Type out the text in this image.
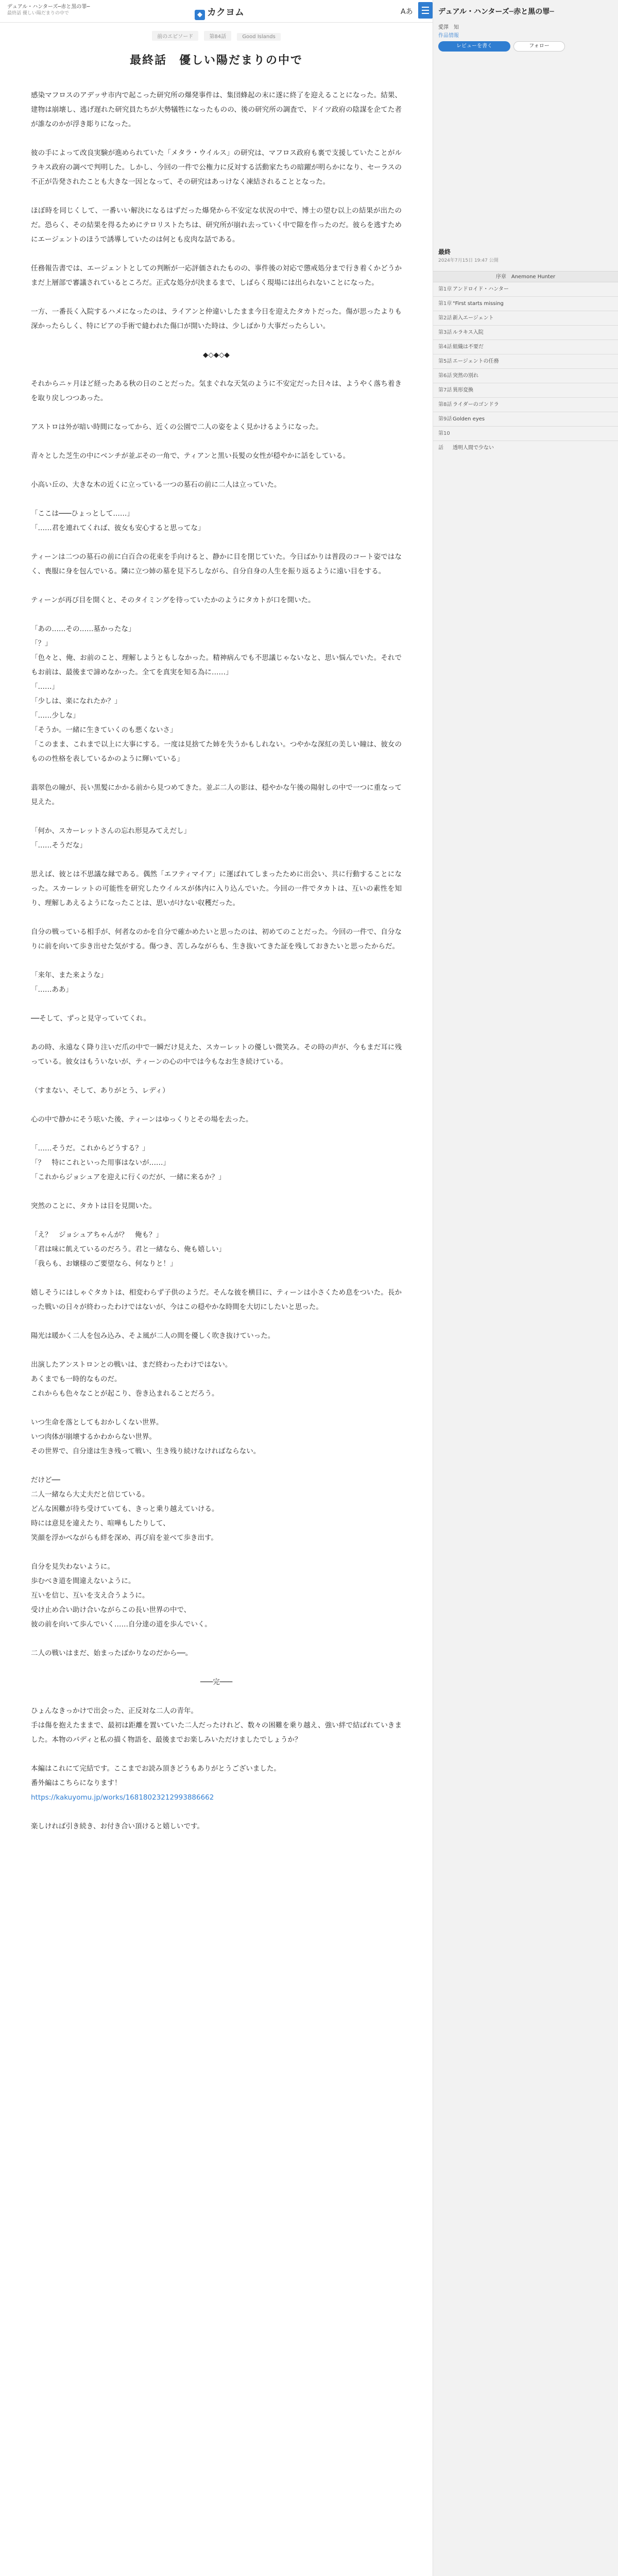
デュアル・ハンターズ─赤と黒の罪─
最終話 優しい陽だまりの中で	◆ カクヨム	Aあ
前のエピソード	第84話	Good Islands
最終話　優しい陽だまりの中で

感染マフロスのアデッサ市内で起こった研究所の爆発事件は、集団蜂起の末に遂に終了を迎えることになった。結果、建物は崩壊し、逃げ遅れた研究員たちが大勢犠牲になったものの、後の研究所の調査で、ドイツ政府の陰謀を企てた者が誰なのかが浮き彫りになった。

彼の手によって改良実験が進められていた「メタラ・ウイルス」の研究は、マフロス政府も裏で支援していたことがルラキス政府の調べで判明した。しかし、今回の一件で公権力に反対する活動家たちの暗躍が明らかになり、セーラスの不正が告発されたことも大きな一因となって、その研究はあっけなく凍結されることとなった。

ほぼ時を同じくして、一番いい解決になるはずだった爆発から不安定な状況の中で、博士の望む以上の結果が出たのだ。恐らく、その結果を得るためにテロリストたちは、研究所が崩れ去っていく中で隙を作ったのだ。彼らを逃すためにエージェントのほうで誘導していたのは何とも皮肉な話である。

任務報告書では、エージェントとしての判断が一応評価されたものの、事件後の対応で懲戒処分まで行き着くかどうかまだ上層部で審議されているところだ。正式な処分が決まるまで、しばらく現場には出られないことになった。

一方、一番長く入院するハメになったのは、ライアンと仲違いしたまま今日を迎えたタカトだった。傷が思ったよりも深かったらしく、特にピアの手術で縫われた傷口が開いた時は、少しばかり大事だったらしい。

◆◇◆◇◆

それからニヶ月ほど経ったある秋の日のことだった。気まぐれな天気のように不安定だった日々は、ようやく落ち着きを取り戻しつつあった。

アストロは外が暗い時間になってから、近くの公園で二人の姿をよく見かけるようになった。

青々とした芝生の中にベンチが並ぶその一角で、ティアンと黒い長髪の女性が穏やかに話をしている。

小高い丘の、大きな木の近くに立っている一つの墓石の前に二人は立っていた。

「ここは───ひょっとして……」
「……君を連れてくれば、彼女も安心すると思ってな」

ティーンは二つの墓石の前に白百合の花束を手向けると、静かに目を閉じていた。今日ばかりは普段のコート姿ではなく、喪服に身を包んでいる。隣に立つ姉の墓を見下ろしながら、自分自身の人生を振り返るように遠い目をする。

ティーンが再び目を開くと、そのタイミングを待っていたかのようにタカトが口を開いた。

「あの……その……墓かったな」
「？」
「色々と、俺、お前のこと、理解しようともしなかった。精神病んでも不思議じゃないなと、思い悩んでいた。それでもお前は、最後まで諦めなかった。全てを真実を知る為に……」
「……」
「少しは、楽になれたか？」
「……少しな」
「そうか。一緒に生きていくのも悪くないさ」
「このまま、これまで以上に大事にする。一度は見捨てた姉を失うかもしれない。つやかな深紅の美しい瞳は、彼女のものの性格を表しているかのように輝いている」

翡翠色の瞳が、長い黒髪にかかる前から見つめてきた。並ぶ二人の影は、穏やかな午後の陽射しの中で一つに重なって見えた。

「何か、スカーレットさんの忘れ形見みてえだし」
「……そうだな」

思えば、彼とは不思議な縁である。偶然「エフティマイア」に運ばれてしまったために出会い、共に行動することになった。スカーレットの可能性を研究したウイルスが体内に入り込んでいた。今回の一件でタカトは、互いの素性を知り、理解しあえるようになったことは、思いがけない収穫だった。

自分の戦っている相手が、何者なのかを自分で確かめたいと思ったのは、初めてのことだった。今回の一件で、自分なりに前を向いて歩き出せた気がする。傷つき、苦しみながらも、生き抜いてきた証を残しておきたいと思ったからだ。

「来年、また来ような」
「……ああ」

──そして、ずっと見守っていてくれ。

あの時、永遠なく降り注いだ爪の中で一瞬だけ見えた、スカーレットの優しい微笑み。その時の声が、今もまだ耳に残っている。彼女はもういないが、ティーンの心の中では今もなお生き続けている。

（すまない、そして、ありがとう、レディ）

心の中で静かにそう呟いた後、ティーンはゆっくりとその場を去った。

「……そうだ。これからどうする？」
「？　特にこれといった用事はないが……」
「これからジョシュアを迎えに行くのだが、一緒に来るか？」

突然のことに、タカトは目を見開いた。

「え？　ジョシュアちゃんが？　俺も？」
「君は味に飢えているのだろう。君と一緒なら、俺も嬉しい」
「我らも、お嬢様のご要望なら、何なりと！」

嬉しそうにはしゃぐタカトは、相変わらず子供のようだ。そんな彼を横目に、ティーンは小さくため息をついた。長かった戦いの日々が終わったわけではないが、今はこの穏やかな時間を大切にしたいと思った。

陽光は暖かく二人を包み込み、そよ風が二人の間を優しく吹き抜けていった。

出演したアンストロンとの戦いは、まだ終わったわけではない。
あくまでも一時的なものだ。
これからも色々なことが起こり、巻き込まれることだろう。

いつ生命を落としてもおかしくない世界。
いつ肉体が崩壊するかわからない世界。
その世界で、自分達は生き残って戦い、生き残り続けなければならない。

だけど──
二人一緒なら大丈夫だと信じている。
どんな困難が待ち受けていても、きっと乗り越えていける。
時には意見を違えたり、喧嘩もしたりして、
笑顔を浮かべながらも絆を深め、再び肩を並べて歩き出す。

自分を見失わないように。
歩むべき道を間違えないように。
互いを信じ、互いを支え合うように。
受け止め合い助け合いながらこの長い世界の中で、
彼の前を向いて歩んでいく……自分達の道を歩んでいく。

二人の戦いはまだ、始まったばかりなのだから──。

───完───

ひょんなきっかけで出会った、正反対な二人の青年。
手は傷を抱えたままで、最初は距離を置いていた二人だったけれど、数々の困難を乗り越え、強い絆で結ばれていきました。本物のパディと私の描く物語を、最後までお楽しみいただけましたでしょうか？

本編はこれにて完結です。ここまでお読み頂きどうもありがとうございました。
番外編はこちらになります！

https://kakuyomu.jp/works/16818023212993886662

楽しければ引き続き、お付き合い頂けると嬉しいです。

デュアル・ハンターズ─赤と黒の罪─
愛澤　知
作品情報
レビューを書く	フォロー
最終
2024年7月15日 19:47 公開
序章　Anemone Hunter
第1章 アンドロイド・ハンター
第1章 "First starts missing
第2話 新入エージェント
第3話 ルラキス入院
第4話 組織は不要だ
第5話 エージェントの任務
第6話 突然の別れ
第7話 異形変換
第8話 ライダーのゴンドラ
第9話 Golden eyes
第10話 透明人間で少ない
